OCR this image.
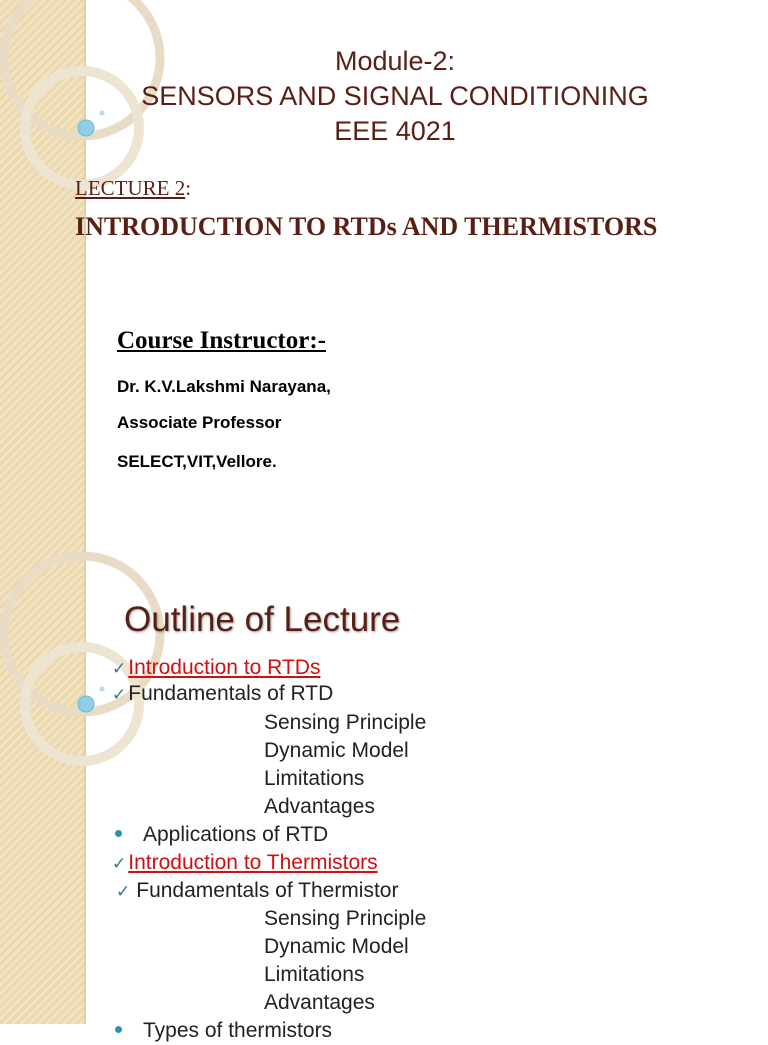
Module-2:
SENSORS AND SIGNAL CONDITIONING
EEE 4021
LECTURE 2:
INTRODUCTION TO RTDs AND THERMISTORS
Course Instructor:-
Dr. K.V.Lakshmi Narayana,
Associate Professor
SELECT,VIT,Vellore.
Outline of Lecture
✓Introduction to RTDs
✓Fundamentals of RTD
Sensing Principle
Dynamic Model
Limitations
Advantages
Applications of RTD
✓Introduction to Thermistors
✓ Fundamentals of Thermistor
Sensing Principle
Dynamic Model
Limitations
Advantages
Types of thermistors
